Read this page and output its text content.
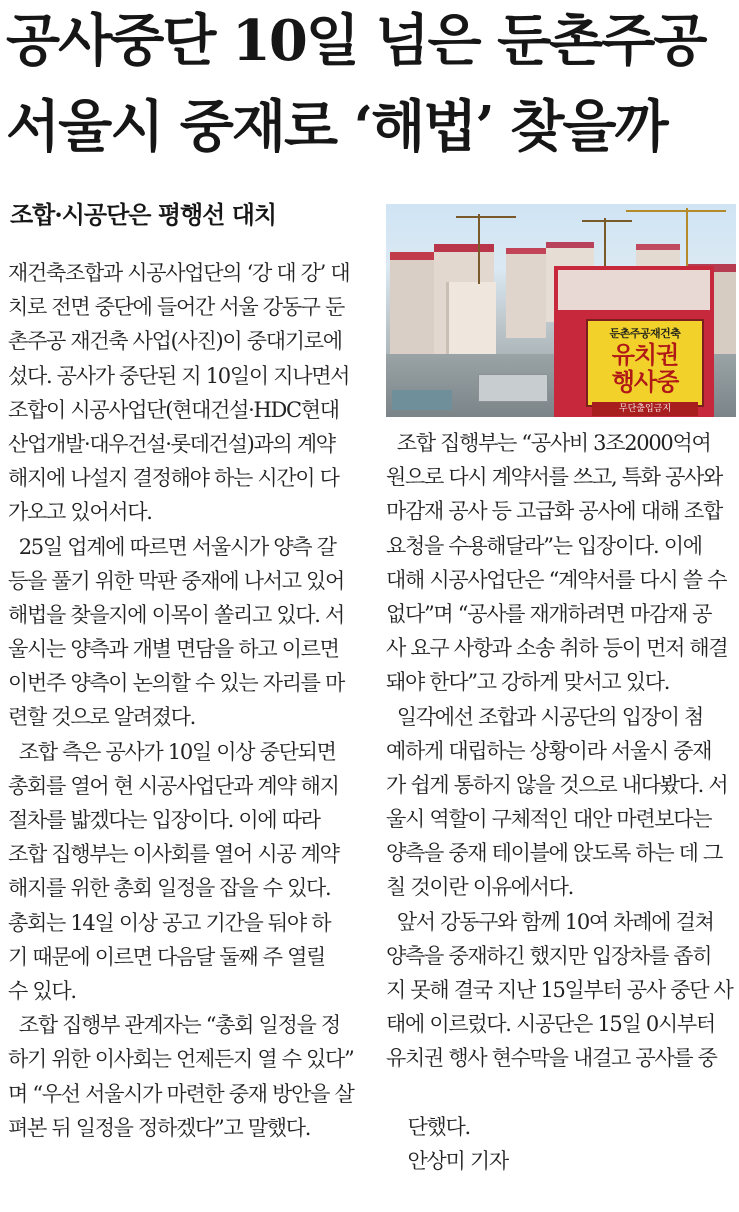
공사중단 10일 넘은 둔촌주공
서울시 중재로 ‘해법’ 찾을까
조합·시공단은 평행선 대치
둔촌주공재건축
유치권
행사중
무단출입금지
재건축조합과 시공사업단의 ‘강 대 강’ 대
치로 전면 중단에 들어간 서울 강동구 둔
촌주공 재건축 사업(사진)이 중대기로에
섰다. 공사가 중단된 지 10일이 지나면서
조합이 시공사업단(현대건설·HDC현대
산업개발·대우건설·롯데건설)과의 계약
해지에 나설지 결정해야 하는 시간이 다
가오고 있어서다.
25일 업계에 따르면 서울시가 양측 갈
등을 풀기 위한 막판 중재에 나서고 있어
해법을 찾을지에 이목이 쏠리고 있다. 서
울시는 양측과 개별 면담을 하고 이르면
이번주 양측이 논의할 수 있는 자리를 마
련할 것으로 알려졌다.
조합 측은 공사가 10일 이상 중단되면
총회를 열어 현 시공사업단과 계약 해지
절차를 밟겠다는 입장이다. 이에 따라
조합 집행부는 이사회를 열어 시공 계약
해지를 위한 총회 일정을 잡을 수 있다.
총회는 14일 이상 공고 기간을 둬야 하
기 때문에 이르면 다음달 둘째 주 열릴
수 있다.
조합 집행부 관계자는 “총회 일정을 정
하기 위한 이사회는 언제든지 열 수 있다”
며 “우선 서울시가 마련한 중재 방안을 살
펴본 뒤 일정을 정하겠다”고 말했다.
조합 집행부는 “공사비 3조2000억여
원으로 다시 계약서를 쓰고, 특화 공사와
마감재 공사 등 고급화 공사에 대해 조합
요청을 수용해달라”는 입장이다. 이에
대해 시공사업단은 “계약서를 다시 쓸 수
없다”며 “공사를 재개하려면 마감재 공
사 요구 사항과 소송 취하 등이 먼저 해결
돼야 한다”고 강하게 맞서고 있다.
일각에선 조합과 시공단의 입장이 첨
예하게 대립하는 상황이라 서울시 중재
가 쉽게 통하지 않을 것으로 내다봤다. 서
울시 역할이 구체적인 대안 마련보다는
양측을 중재 테이블에 앉도록 하는 데 그
칠 것이란 이유에서다.
앞서 강동구와 함께 10여 차례에 걸쳐
양측을 중재하긴 했지만 입장차를 좁히
지 못해 결국 지난 15일부터 공사 중단 사
태에 이르렀다. 시공단은 15일 0시부터
유치권 행사 현수막을 내걸고 공사를 중

단했다.
안상미 기자
